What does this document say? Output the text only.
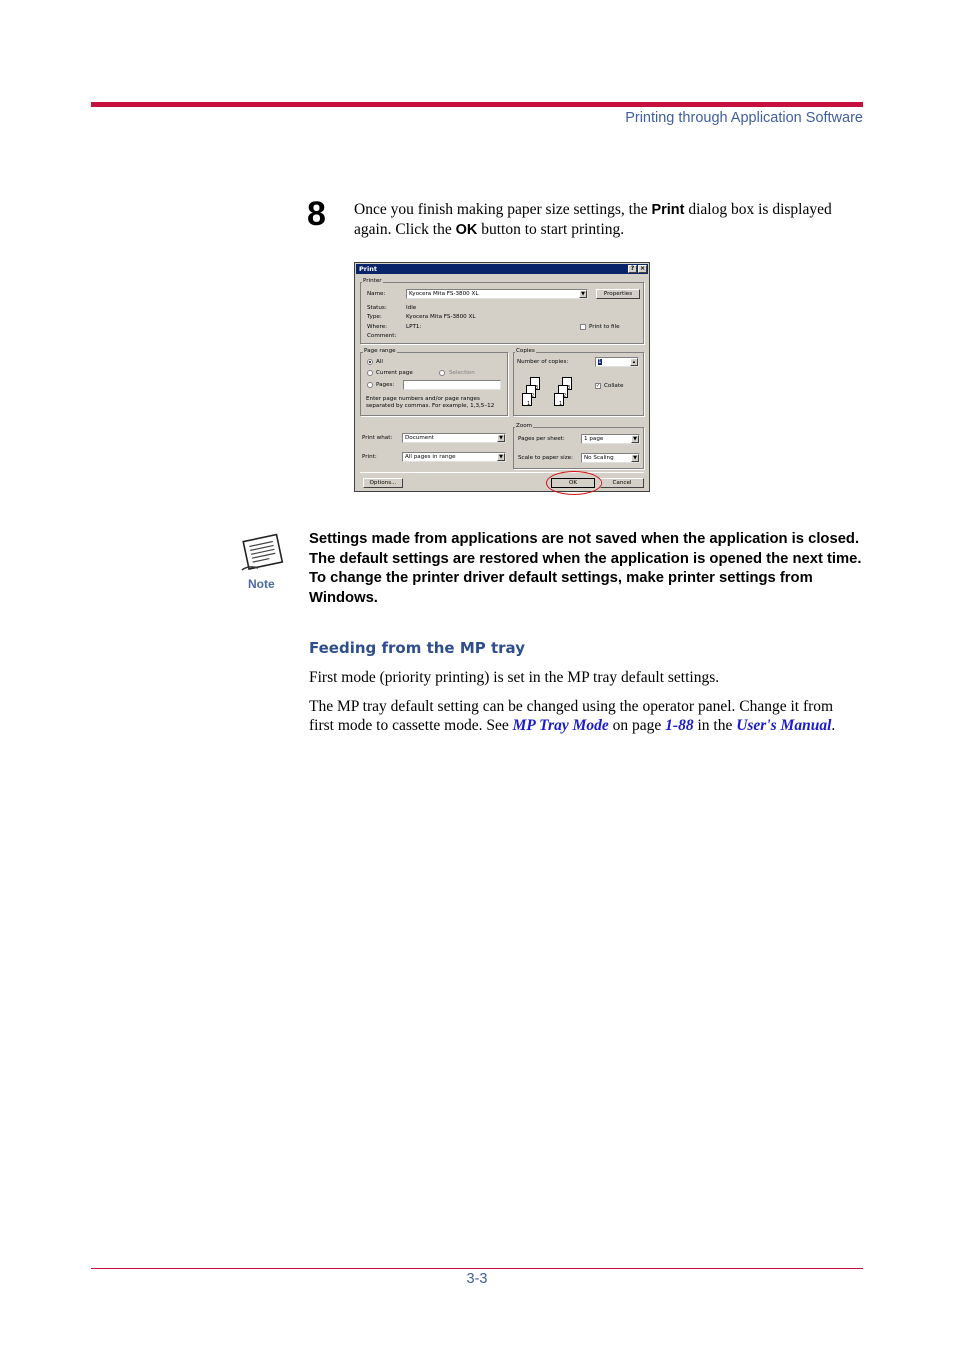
Printing through Application Software
8 Once you finish making paper size settings, the Print dialog box is displayed again. Click the OK button to start printing.
Print	? ×
Printer
Name:	Kyocera Mita FS-3800 XL	▼	Properties
Status:	Idle
Type:	Kyocera Mita FS-3800 XL
Where:	LPT1:
Comment:
Print to file
Page range
All
Current page	Selection
Pages:
Enter page numbers and/or page ranges
separated by commas. For example, 1,3,5–12
Copies
Number of copies:	1	▴
3
2
1
3
2
1
✓ Collate
Print what:	Document	▼
Print:	All pages in range	▼
Zoom
Pages per sheet:	1 page	▼
Scale to paper size:	No Scaling	▼
Options...	OK	Cancel
Note
Settings made from applications are not saved when the application is closed. The default settings are restored when the application is opened the next time. To change the printer driver default settings, make printer settings from Windows.
Feeding from the MP tray
First mode (priority printing) is set in the MP tray default settings.
The MP tray default setting can be changed using the operator panel. Change it from first mode to cassette mode. See MP Tray Mode on page 1-88 in the User's Manual.
3-3
